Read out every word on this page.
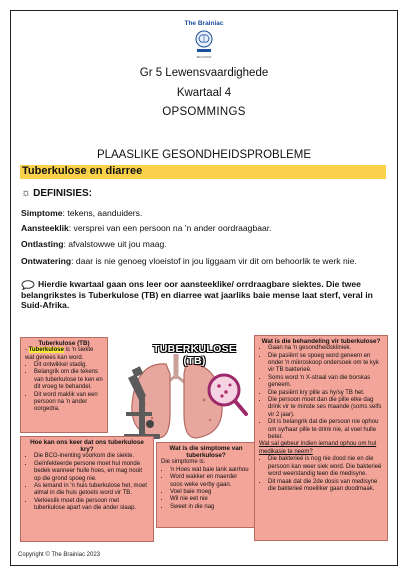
The Brainiac
EDUCATION
Gr 5 Lewensvaardighede
Kwartaal 4
OPSOMMINGS
PLAASLIKE GESONDHEIDSPROBLEME
Tuberkulose en diarree
☼ DEFINISIES:
Simptome: tekens, aanduiders.
Aansteeklik: versprei van een persoon na 'n ander oordraagbaar.
Ontlasting: afvalstowwe uit jou maag.
Ontwatering: daar is nie genoeg vloeistof in jou liggaam vir dit om behoorlik te werk nie.
Hierdie kwartaal gaan ons leer oor aansteeklike/ orrdraagbare siektes. Die twee belangrikstes is Tuberkulose (TB) en diarree wat jaarliks baie mense laat sterf, veral in Suid-Afrika.
TUBERKULOSE
(TB)
Tuberkulose (TB)

- Tuberkulose is 'n siekte wat genees kan word.

• Dit ontwikkel stadig.
• Belangrik om die tekens van tuberkulose te ken en dit vroeg te behandel.
• Dit word maklik van een persoon na 'n ander oorgedra.
Hoe kan ons keer dat ons tuberkulose kry?
• Die BCG-inenting voorkom die siekte.
• Geïnfekteerde persone moet hul monde bedek wanneer hulle hoes, en mag nooit op die grond spoeg nie.
• As iemand in 'n huis tuberkulose het, moet almal in die huis getoets word vir TB.
• Verkieslik moet die persoon met tuberkulose apart van die ander slaap.
Wat is die simptome van tuberkulose?

Die simptome is:

• 'n Hoes wat baie lank aanhou
• Word wakker en maerder soos weke verby gaan.
• Voel baie moeg
• Wil nie eet nie
• Sweet in die nag
Wat is die behandeling vir tuberkulose?
• Gaan na 'n gesondheidskliniek.
• Die pasiënt se spoeg word geneem en onder 'n mikroskoop ondersoek om te kyk vir TB bakterieë.
• Soms word 'n X-straal van die borskas geneem.
• Die pasiënt kry pille as hy/sy TB het.
• Die persoon moet dan die pille elke dag drink vir te minste ses maande (soms selfs vir 2 jaar).
• Dit is belangrik dat die persoon nie ophou om sy/haar pille te drink nie, al voel hulle beter.

Wat sal gebeur indien iemand ophou om hul medikasie te neem?

• Die bakterieë is nog nie dood nie en die persoon kan weer siek word. Die bakterieë word weerstandig teen die medisyne.
• Dit maak dat die 2de dosis van medisyne die bakterieë moeiliker gaan doodmaak.
Copyright © The Brainiac 2023
